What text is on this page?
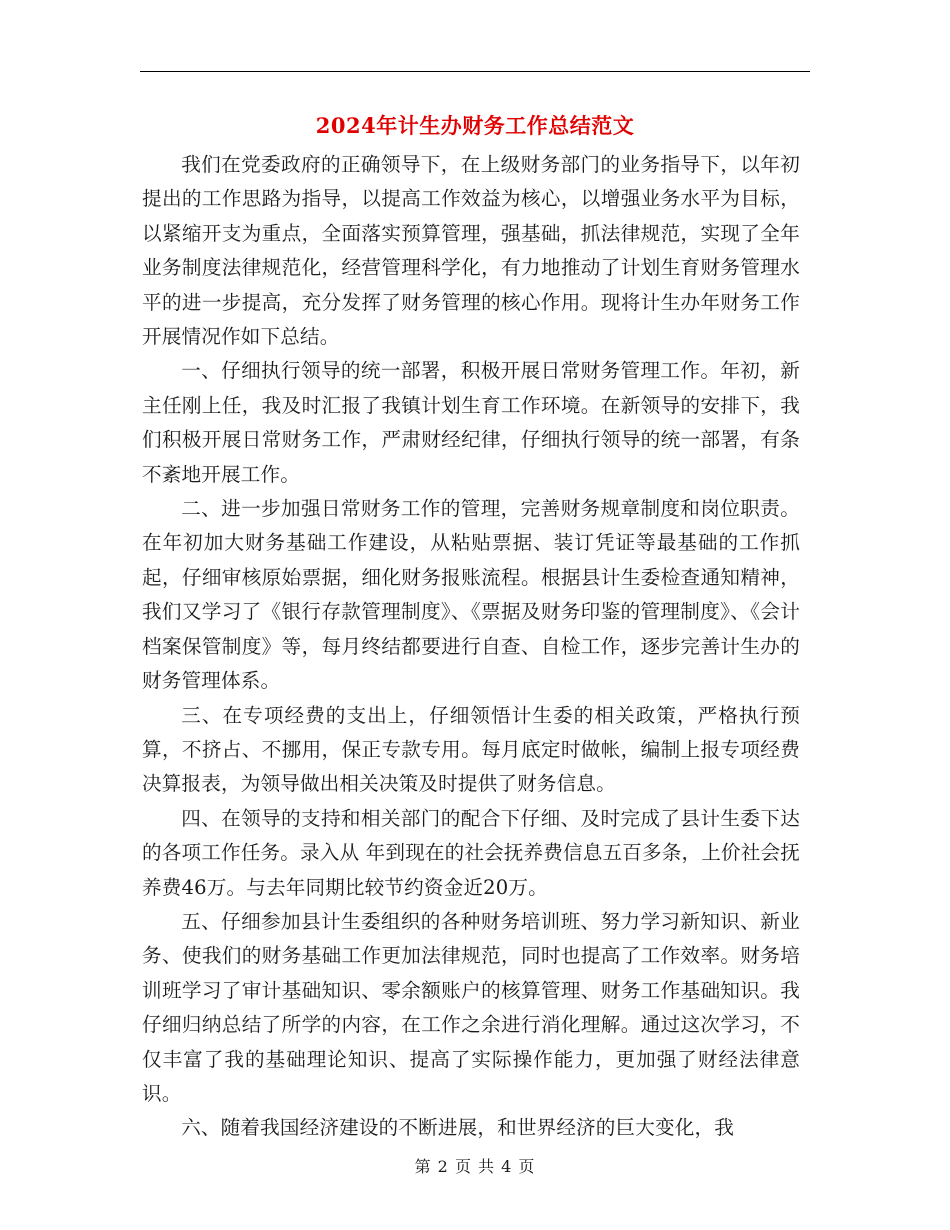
2024年计生办财务工作总结范文

我们在党委政府的正确领导下，在上级财务部门的业务指导下，以年初提出的工作思路为指导，以提高工作效益为核心，以增强业务水平为目标，以紧缩开支为重点，全面落实预算管理，强基础，抓法律规范，实现了全年业务制度法律规范化，经营管理科学化，有力地推动了计划生育财务管理水平的进一步提高，充分发挥了财务管理的核心作用。现将计生办年财务工作开展情况作如下总结。

一、仔细执行领导的统一部署，积极开展日常财务管理工作。年初，新主任刚上任，我及时汇报了我镇计划生育工作环境。在新领导的安排下，我们积极开展日常财务工作，严肃财经纪律，仔细执行领导的统一部署，有条不紊地开展工作。

二、进一步加强日常财务工作的管理，完善财务规章制度和岗位职责。在年初加大财务基础工作建设，从粘贴票据、装订凭证等最基础的工作抓起，仔细审核原始票据，细化财务报账流程。根据县计生委检查通知精神，我们又学习了《银行存款管理制度》、《票据及财务印鉴的管理制度》、《会计档案保管制度》等，每月终结都要进行自查、自检工作，逐步完善计生办的财务管理体系。

三、在专项经费的支出上，仔细领悟计生委的相关政策，严格执行预算，不挤占、不挪用，保正专款专用。每月底定时做帐，编制上报专项经费决算报表，为领导做出相关决策及时提供了财务信息。

四、在领导的支持和相关部门的配合下仔细、及时完成了县计生委下达的各项工作任务。录入从 年到现在的社会抚养费信息五百多条，上价社会抚养费46万。与去年同期比较节约资金近20万。

五、仔细参加县计生委组织的各种财务培训班、努力学习新知识、新业务、使我们的财务基础工作更加法律规范，同时也提高了工作效率。财务培训班学习了审计基础知识、零余额账户的核算管理、财务工作基础知识。我仔细归纳总结了所学的内容，在工作之余进行消化理解。通过这次学习，不仅丰富了我的基础理论知识、提高了实际操作能力，更加强了财经法律意识。

六、随着我国经济建设的不断进展，和世界经济的巨大变化，我

第 2 页 共 4 页
